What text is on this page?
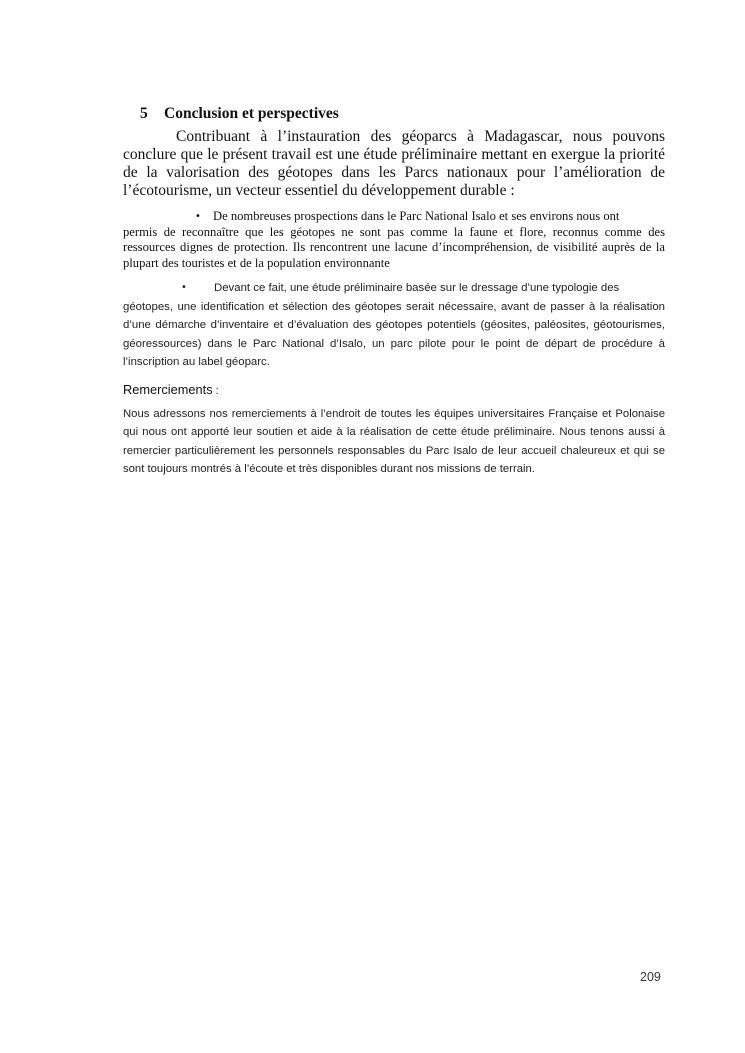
5	Conclusion et perspectives

Contribuant à l’instauration des géoparcs à Madagascar, nous pouvons conclure que le présent travail est une étude préliminaire mettant en exergue la priorité de la valorisation des géotopes dans les Parcs nationaux pour l’amélioration de l’écotourisme, un vecteur essentiel du développement durable :

• De nombreuses prospections dans le Parc National Isalo et ses environs nous ont
permis de reconnaître que les géotopes ne sont pas comme la faune et flore, reconnus comme des ressources dignes de protection. Ils rencontrent une lacune d’incompréhension, de visibilité auprès de la plupart des touristes et de la population environnante

• Devant ce fait, une étude préliminaire basée sur le dressage d’une typologie des
géotopes, une identification et sélection des géotopes serait nécessaire, avant de passer à la réalisation d’une démarche d’inventaire et d’évaluation des géotopes potentiels (géosites, paléosites, géotourismes, géoressources) dans le Parc National d’Isalo, un parc pilote pour le point de départ de procédure à l’inscription au label géoparc.

Remerciements :

Nous adressons nos remerciements à l’endroit de toutes les équipes universitaires Française et Polonaise qui nous ont apporté leur soutien et aide à la réalisation de cette étude préliminaire. Nous tenons aussi à remercier particulièrement les personnels responsables du Parc Isalo de leur accueil chaleureux et qui se sont toujours montrés à l’écoute et très disponibles durant nos missions de terrain.

209
